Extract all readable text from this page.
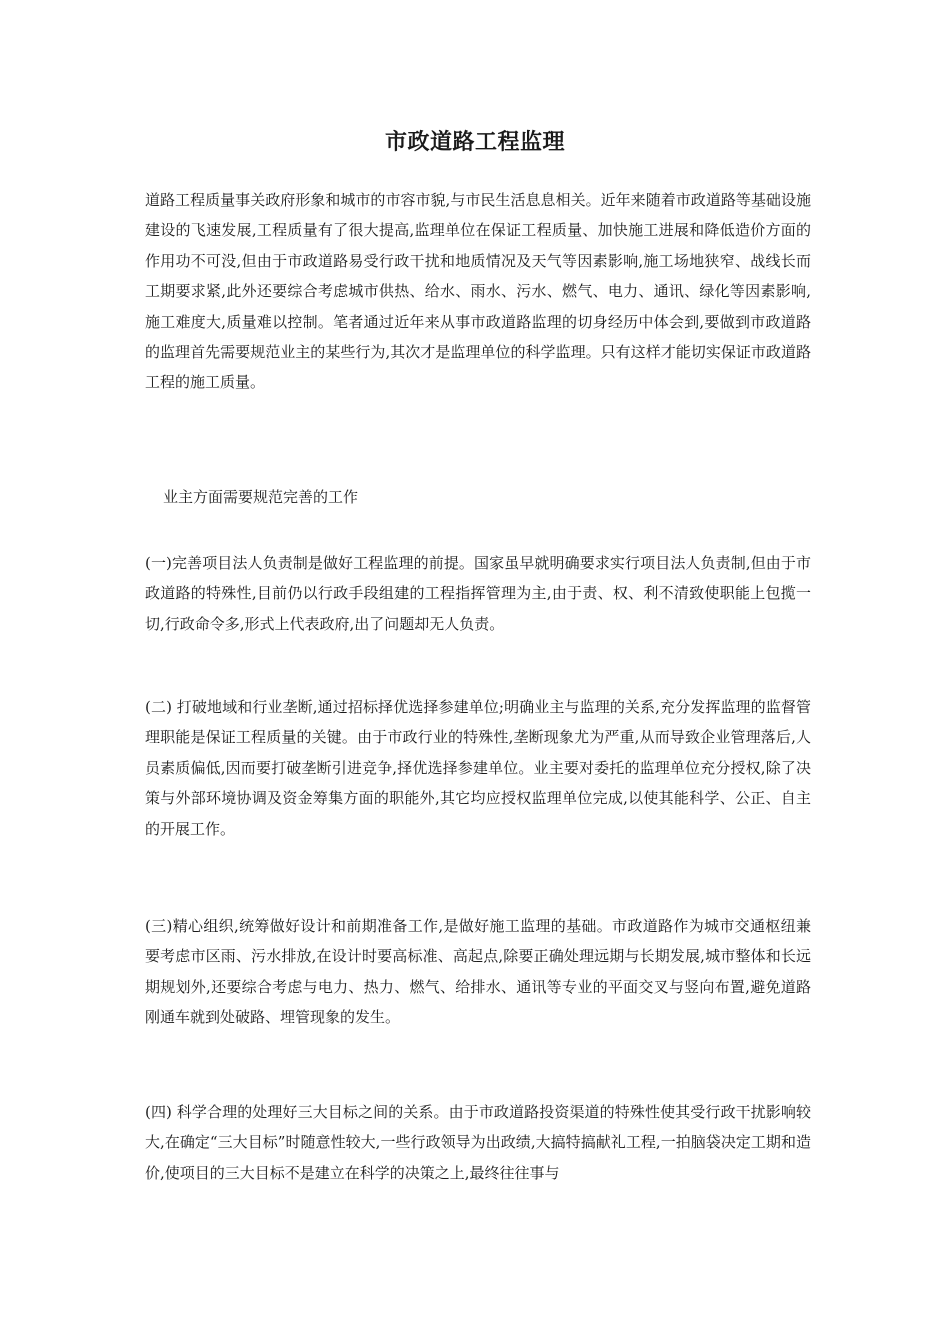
市政道路工程监理

道路工程质量事关政府形象和城市的市容市貌,与市民生活息息相关。近年来随着市政道路等基础设施建设的飞速发展,工程质量有了很大提高,监理单位在保证工程质量、加快施工进展和降低造价方面的作用功不可没,但由于市政道路易受行政干扰和地质情况及天气等因素影响,施工场地狭窄、战线长而工期要求紧,此外还要综合考虑城市供热、给水、雨水、污水、燃气、电力、通讯、绿化等因素影响,施工难度大,质量难以控制。笔者通过近年来从事市政道路监理的切身经历中体会到,要做到市政道路的监理首先需要规范业主的某些行为,其次才是监理单位的科学监理。只有这样才能切实保证市政道路工程的施工质量。

业主方面需要规范完善的工作

(一)完善项目法人负责制是做好工程监理的前提。国家虽早就明确要求实行项目法人负责制,但由于市政道路的特殊性,目前仍以行政手段组建的工程指挥管理为主,由于责、权、利不清致使职能上包揽一切,行政命令多,形式上代表政府,出了问题却无人负责。

(二) 打破地域和行业垄断,通过招标择优选择参建单位;明确业主与监理的关系,充分发挥监理的监督管理职能是保证工程质量的关键。由于市政行业的特殊性,垄断现象尤为严重,从而导致企业管理落后,人员素质偏低,因而要打破垄断引进竞争,择优选择参建单位。业主要对委托的监理单位充分授权,除了决策与外部环境协调及资金筹集方面的职能外,其它均应授权监理单位完成,以使其能科学、公正、自主的开展工作。

(三)精心组织,统筹做好设计和前期准备工作,是做好施工监理的基础。市政道路作为城市交通枢纽兼要考虑市区雨、污水排放,在设计时要高标准、高起点,除要正确处理远期与长期发展,城市整体和长远期规划外,还要综合考虑与电力、热力、燃气、给排水、通讯等专业的平面交叉与竖向布置,避免道路刚通车就到处破路、埋管现象的发生。

(四) 科学合理的处理好三大目标之间的关系。由于市政道路投资渠道的特殊性使其受行政干扰影响较大,在确定“三大目标”时随意性较大,一些行政领导为出政绩,大搞特搞献礼工程,一拍脑袋决定工期和造价,使项目的三大目标不是建立在科学的决策之上,最终往往事与
